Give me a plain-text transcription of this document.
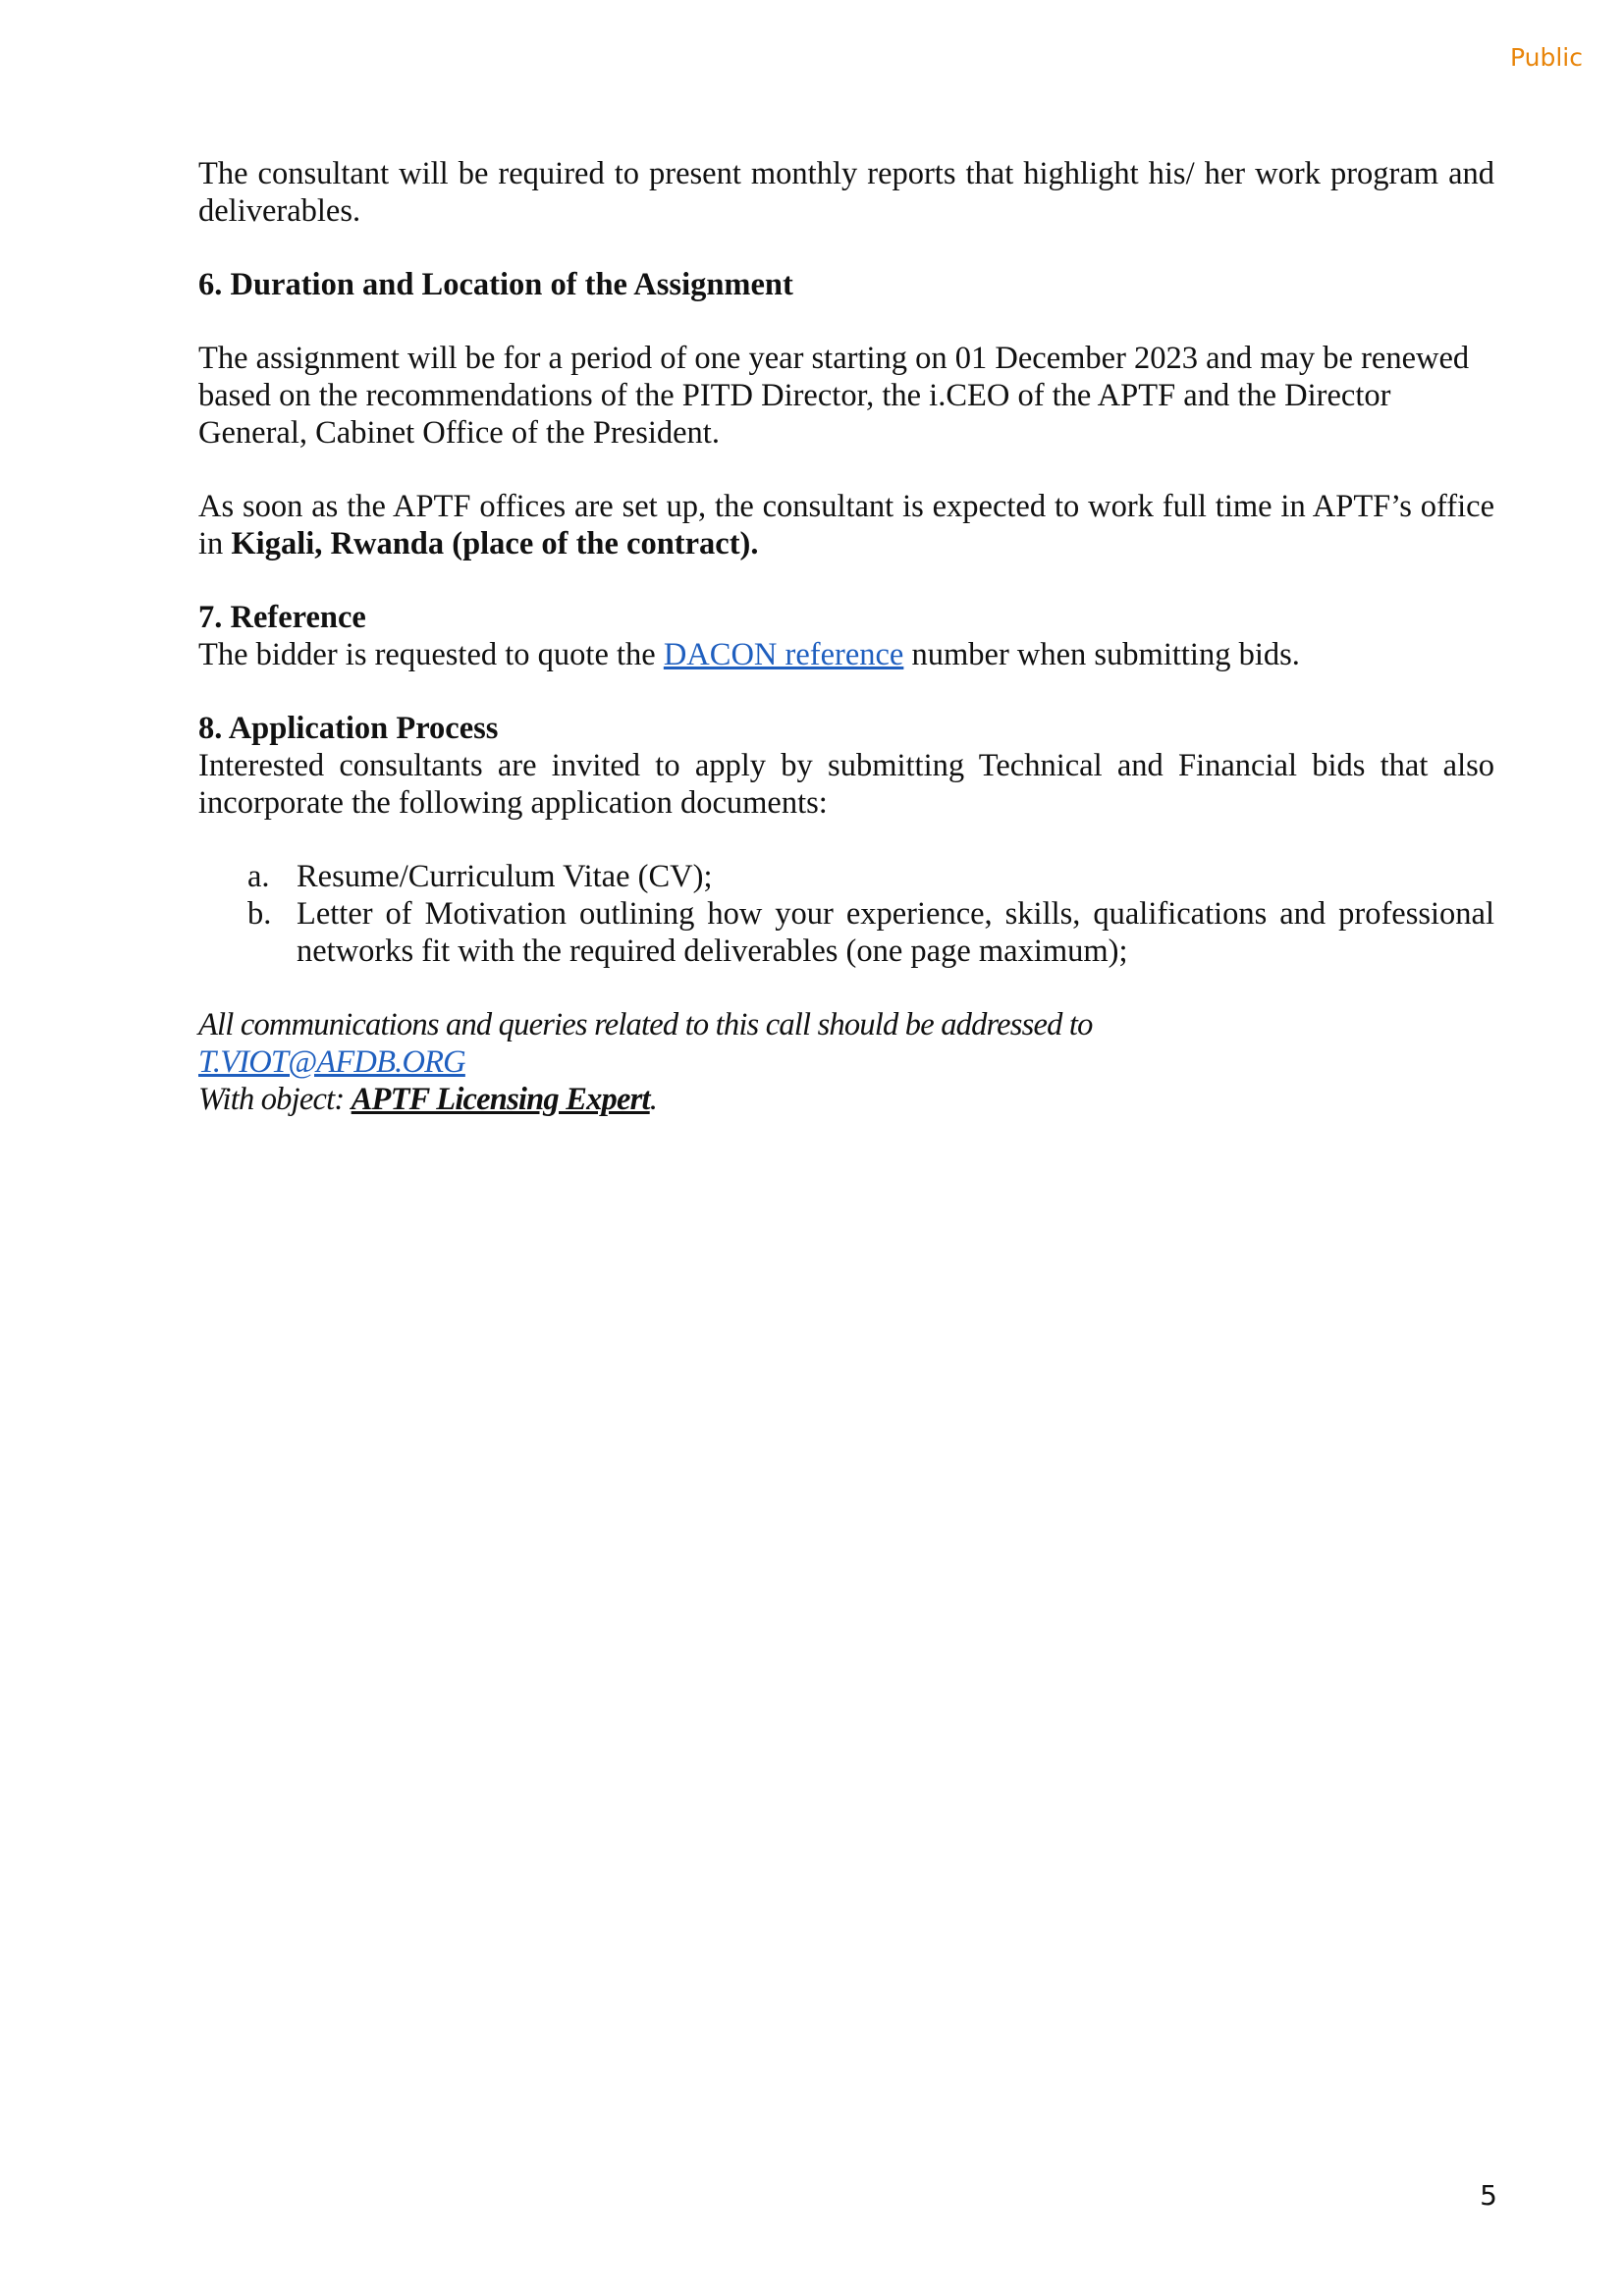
Public

The consultant will be required to present monthly reports that highlight his/ her work program and deliverables.

6. Duration and Location of the Assignment

The assignment will be for a period of one year starting on 01 December 2023 and may be renewed based on the recommendations of the PITD Director, the i.CEO of the APTF and the Director General, Cabinet Office of the President.

As soon as the APTF offices are set up, the consultant is expected to work full time in APTF’s office in Kigali, Rwanda (place of the contract).

7. Reference

The bidder is requested to quote the DACON reference number when submitting bids.

8. Application Process

Interested consultants are invited to apply by submitting Technical and Financial bids that also incorporate the following application documents:

a. Resume/Curriculum Vitae (CV);
b. Letter of Motivation outlining how your experience, skills, qualifications and professional networks fit with the required deliverables (one page maximum);
All communications and queries related to this call should be addressed to
T.VIOT@AFDB.ORG
With object: APTF Licensing Expert.
5
